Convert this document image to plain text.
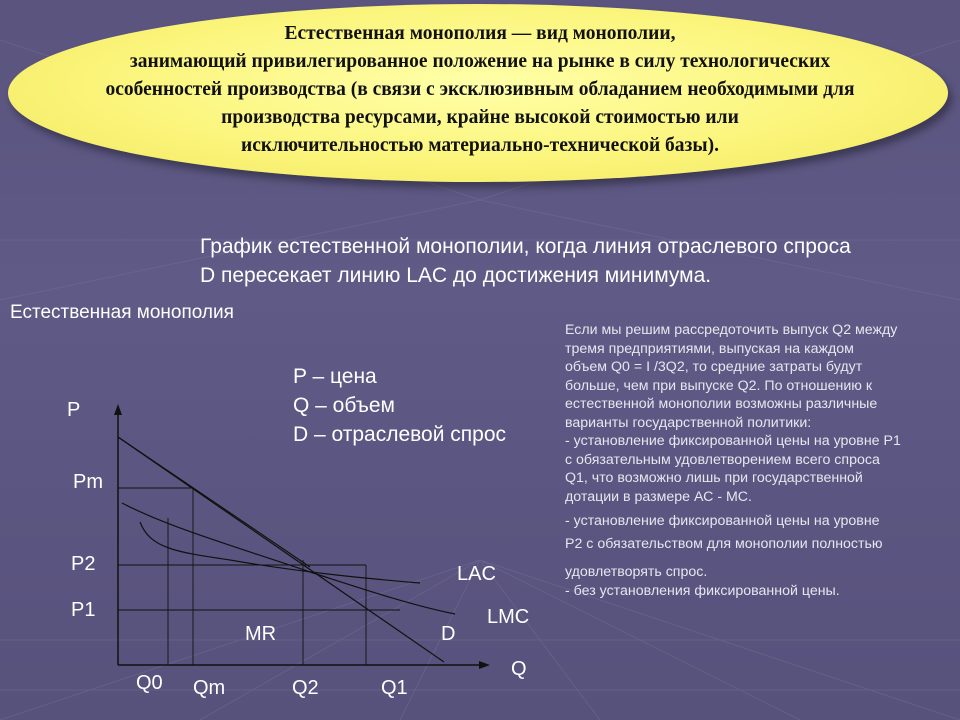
Естественная монополия — вид монополии,
занимающий привилегированное положение на рынке в силу технологических
особенностей производства (в связи с эксклюзивным обладанием необходимыми для
производства ресурсами, крайне высокой стоимостью или
исключительностью материально-технической базы).
График естественной монополии, когда линия отраслевого спроса
D пересекает линию LAC до достижения минимума.
Естественная монополия
P – цена
Q – объем
D – отраслевой спрос
Если мы решим рассредоточить выпуск Q2 между
тремя предприятиями, выпуская на каждом
объем Q0 = I /3Q2, то средние затраты будут
больше, чем при выпуске Q2. По отношению к
естественной монополии возможны различные
варианты государственной политики:
- установление фиксированной цены на уровне Р1
с обязательным удовлетворением всего спроса
Q1, что возможно лишь при государственной
дотации в размере АС - МС.
- установление фиксированной цены на уровне
Р2 с обязательством для монополии полностью
удовлетворять спрос.
- без установления фиксированной цены.
P
Q
Pm
P2
P1
Q0 Qm	Q2	Q1
LAC
LMC
MR	D
